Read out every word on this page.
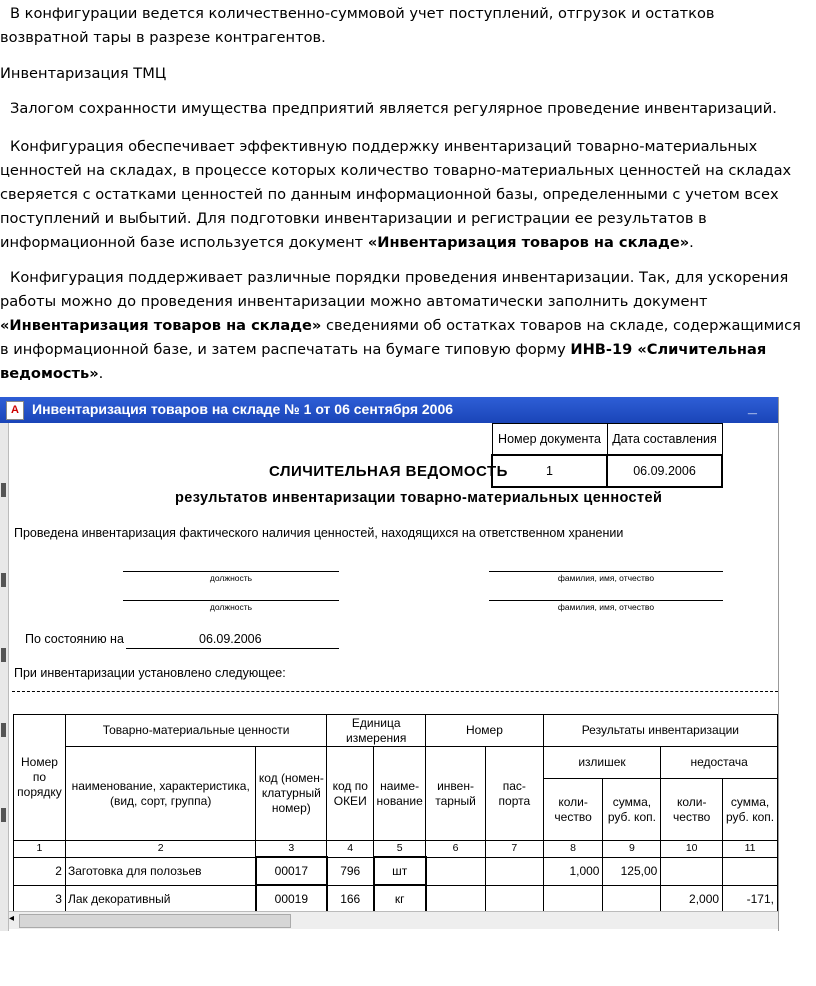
В конфигурации ведется количественно-суммовой учет поступлений, отгрузок и остатков возвратной тары в разрезе контрагентов.

Инвентаризация ТМЦ

Залогом сохранности имущества предприятий является регулярное проведение инвентаризаций.

Конфигурация обеспечивает эффективную поддержку инвентаризаций товарно-материальных ценностей на складах, в процессе которых количество товарно-материальных ценностей на складах сверяется с остатками ценностей по данным информационной базы, определенными с учетом всех поступлений и выбытий. Для подготовки инвентаризации и регистрации ее результатов в информационной базе используется документ «Инвентаризация товаров на складе».

Конфигурация поддерживает различные порядки проведения инвентаризации. Так, для ускорения работы можно до проведения инвентаризации можно автоматически заполнить документ «Инвентаризация товаров на складе» сведениями об остатках товаров на складе, содержащимися в информационной базе, и затем распечатать на бумаге типовую форму ИНВ-19 «Сличительная ведомость».

A Инвентаризация товаров на складе № 1 от 06 сентября 2006	_
Номер документа	Дата составления
1	06.09.2006
СЛИЧИТЕЛЬНАЯ ВЕДОМОСТЬ
результатов инвентаризации товарно-материальных ценностей
Проведена инвентаризация фактического наличия ценностей, находящихся на ответственном хранении
должность	фамилия, имя, отчество
должность	фамилия, имя, отчество
По состоянию на	06.09.2006
При инвентаризации установлено следующее:
Номер по порядку	Товарно-материальные ценности		Единица измерения		Номер		Результаты инвентаризации			
	наименование, характеристика, (вид, сорт, группа)	код (номен-клатурный номер)	код по ОКЕИ	наиме-нование	инвен-тарный	пас-порта	излишек		недостача	
							коли-чество	сумма, руб. коп.	коли-чество	сумма, руб. коп.
1	2	3	4	5	6	7	8	9	10	11
2	Заготовка для полозьев	00017	796	шт			1,000	125,00		
3	Лак декоративный	00019	166	кг					2,000	-171,
◂
